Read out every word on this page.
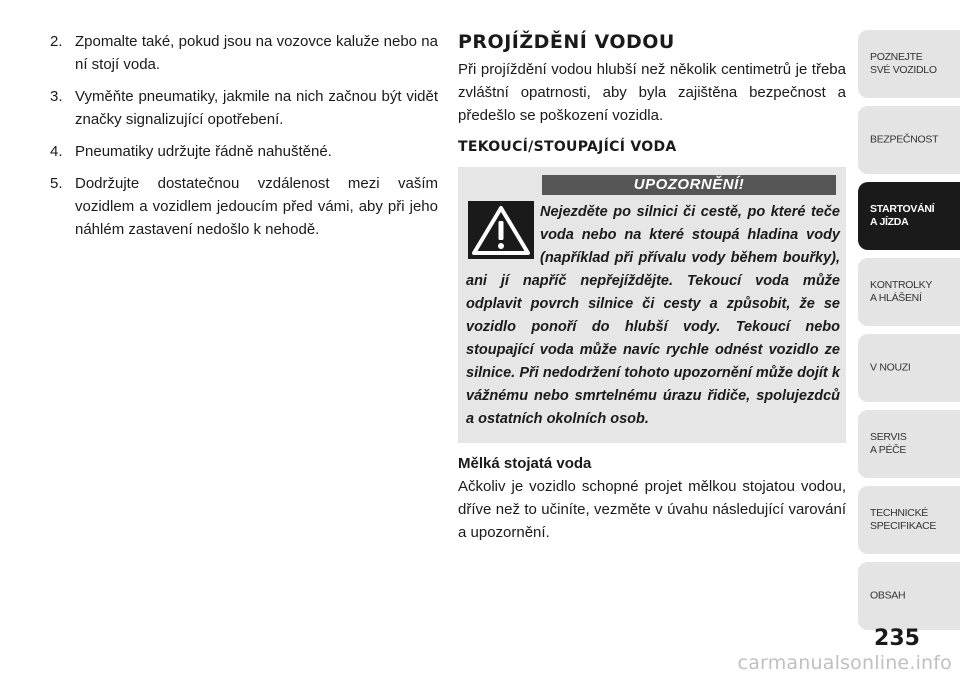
2. Zpomalte také, pokud jsou na vozovce kaluže nebo na ní stojí voda.
3. Vyměňte pneumatiky, jakmile na nich začnou být vidět značky signalizující opotřebení.
4. Pneumatiky udržujte řádně nahuštěné.
5. Dodržujte dostatečnou vzdálenost mezi vaším vozidlem a vozidlem jedoucím před vámi, aby při jeho náhlém zastavení nedošlo k nehodě.
PROJÍŽDĚNÍ VODOU

Při projíždění vodou hlubší než několik centimetrů je třeba zvláštní opatrnosti, aby byla zajištěna bezpečnost a předešlo se poškození vozidla.

TEKOUCÍ/STOUPAJÍCÍ VODA
UPOZORNĚNÍ!
Nejezděte po silnici či cestě, po které teče voda nebo na které stoupá hladina vody (například při přívalu vody během bouřky), ani jí napříč nepřejíždějte. Tekoucí voda může odplavit povrch silnice či cesty a způsobit, že se vozidlo ponoří do hlubší vody. Tekoucí nebo stoupající voda může navíc rychle odnést vozidlo ze silnice. Při nedodržení tohoto upozornění může dojít k vážnému nebo smrtelnému úrazu řidiče, spolujezdců a ostatních okolních osob.
Mělká stojatá voda

Ačkoliv je vozidlo schopné projet mělkou stojatou vodou, dříve než to učiníte, vezměte v úvahu následující varování a upozornění.

POZNEJTE
SVÉ VOZIDLO
BEZPEČNOST
STARTOVÁNÍ
A JÍZDA
KONTROLKY
A HLÁŠENÍ
V NOUZI
SERVIS
A PÉČE
TECHNICKÉ
SPECIFIKACE
OBSAH
235
carmanualsonline.info
